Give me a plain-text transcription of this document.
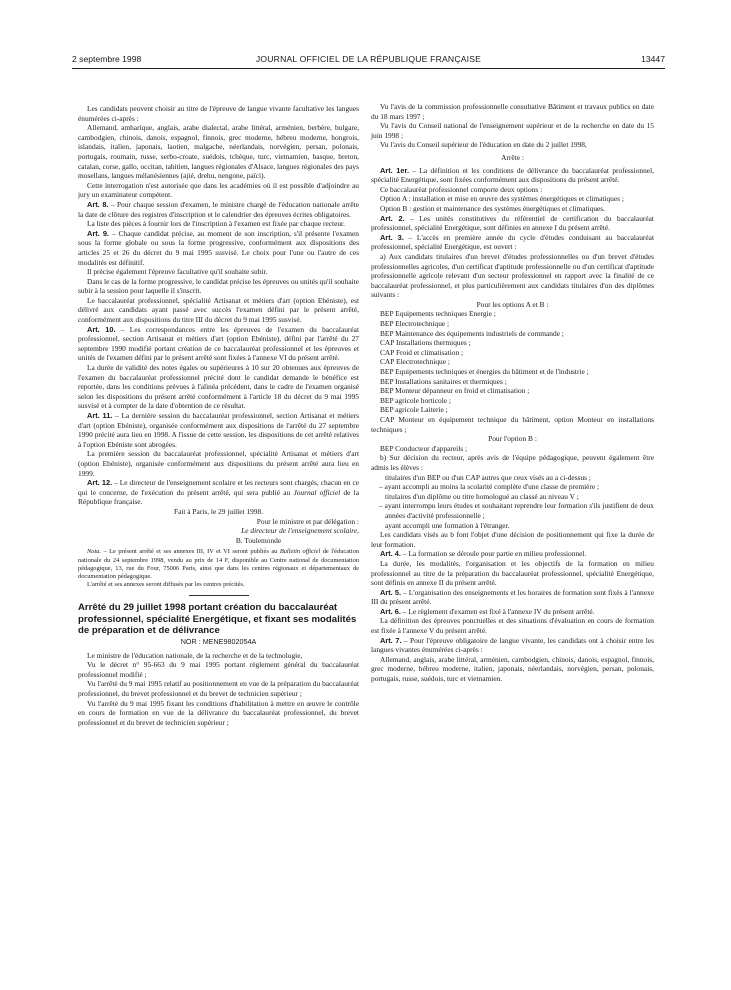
2 septembre 1998	JOURNAL OFFICIEL DE LA RÉPUBLIQUE FRANÇAISE	13447

Les candidats peuvent choisir au titre de l'épreuve de langue vivante facultative les langues énumérées ci-après :

Allemand, amharique, anglais, arabe dialectal, arabe littéral, arménien, berbère, bulgare, cambodgien, chinois, danois, espagnol, finnois, grec moderne, hébreu moderne, hongrois, islandais, italien, japonais, laotien, malgache, néerlandais, norvégien, persan, polonais, portugais, roumain, russe, serbo-croate, suédois, tchèque, turc, vietnamien, basque, breton, catalan, corse, gallo, occitan, tahitien, langues régionales d'Alsace, langues régionales des pays mosellans, langues mélanésiennes (ajié, drehu, nengone, païci).

Cette interrogation n'est autorisée que dans les académies où il est possible d'adjoindre au jury un examinateur compétent.

Art. 8. – Pour chaque session d'examen, le ministre chargé de l'éducation nationale arrête la date de clôture des registres d'inscription et le calendrier des épreuves écrites obligatoires.

La liste des pièces à fournir lors de l'inscription à l'examen est fixée par chaque recteur.

Art. 9. – Chaque candidat précise, au moment de son inscription, s'il présente l'examen sous la forme globale ou sous la forme progressive, conformément aux dispositions des articles 25 et 26 du décret du 9 mai 1995 susvisé. Le choix pour l'une ou l'autre de ces modalités est définitif.

Il précise également l'épreuve facultative qu'il souhaite subir.

Dans le cas de la forme progressive, le candidat précise les épreuves ou unités qu'il souhaite subir à la session pour laquelle il s'inscrit.

Le baccalauréat professionnel, spécialité Artisanat et métiers d'art (option Ebéniste), est délivré aux candidats ayant passé avec succès l'examen défini par le présent arrêté, conformément aux dispositions du titre III du décret du 9 mai 1995 susvisé.

Art. 10. – Les correspondances entre les épreuves de l'examen du baccalauréat professionnel, section Artisanat et métiers d'art (option Ebéniste), défini par l'arrêté du 27 septembre 1990 modifié portant création de ce baccalauréat professionnel et les épreuves et unités de l'examen défini par le présent arrêté sont fixées à l'annexe VI du présent arrêté.

La durée de validité des notes égales ou supérieures à 10 sur 20 obtenues aux épreuves de l'examen du baccalauréat professionnel précité dont le candidat demande le bénéfice est reportée, dans les conditions prévues à l'alinéa précédent, dans le cadre de l'examen organisé selon les dispositions du présent arrêté conformément à l'article 18 du décret du 9 mai 1995 susvisé et à compter de la date d'obtention de ce résultat.

Art. 11. – La dernière session du baccalauréat professionnel, section Artisanat et métiers d'art (option Ebéniste), organisée conformément aux dispositions de l'arrêté du 27 septembre 1990 précité aura lieu en 1998. A l'issue de cette session, les dispositions de cet arrêté relatives à l'option Ebéniste sont abrogées.

La première session du baccalauréat professionnel, spécialité Artisanat et métiers d'art (option Ebéniste), organisée conformément aux dispositions du présent arrêté aura lieu en 1999.

Art. 12. – Le directeur de l'enseignement scolaire et les recteurs sont chargés, chacun en ce qui le concerne, de l'exécution du présent arrêté, qui sera publié au Journal officiel de la République française.

Fait à Paris, le 29 juillet 1998.

Pour le ministre et par délégation :

Le directeur de l'enseignement scolaire,

B. Toulemonde

Nota. – Le présent arrêté et ses annexes III, IV et VI seront publiés au Bulletin officiel de l'éducation nationale du 24 septembre 1998, vendu au prix de 14 F, disponible au Centre national de documentation pédagogique, 13, rue du Four, 75006 Paris, ainsi que dans les centres régionaux et départementaux de documentation pédagogique.

L'arrêté et ses annexes seront diffusés par les centres précités.

Arrêté du 29 juillet 1998 portant création du baccalauréat professionnel, spécialité Energétique, et fixant ses modalités de préparation et de délivrance

NOR : MENE9802054A

Le ministre de l'éducation nationale, de la recherche et de la technologie,

Vu le décret n° 95-663 du 9 mai 1995 portant règlement général du baccalauréat professionnel modifié ;

Vu l'arrêté du 9 mai 1995 relatif au positionnement en vue de la préparation du baccalauréat professionnel, du brevet professionnel et du brevet de technicien supérieur ;

Vu l'arrêté du 9 mai 1995 fixant les conditions d'habilitation à mettre en œuvre le contrôle en cours de formation en vue de la délivrance du baccalauréat professionnel, du brevet professionnel et du brevet de technicien supérieur ;

Vu l'avis de la commission professionnelle consultative Bâtiment et travaux publics en date du 18 mars 1997 ;

Vu l'avis du Conseil national de l'enseignement supérieur et de la recherche en date du 15 juin 1998 ;

Vu l'avis du Conseil supérieur de l'éducation en date du 2 juillet 1998,

Arrête :

Art. 1er. – La définition et les conditions de délivrance du baccalauréat professionnel, spécialité Energétique, sont fixées conformément aux dispositions du présent arrêté.

Ce baccalauréat professionnel comporte deux options :

Option A : installation et mise en œuvre des systèmes énergétiques et climatiques ;

Option B : gestion et maintenance des systèmes énergétiques et climatiques.

Art. 2. – Les unités constitutives du référentiel de certification du baccalauréat professionnel, spécialité Energétique, sont définies en annexe I du présent arrêté.

Art. 3. – L'accès en première année du cycle d'études conduisant au baccalauréat professionnel, spécialité Energétique, est ouvert :

a) Aux candidats titulaires d'un brevet d'études professionnelles ou d'un brevet d'études professionnelles agricoles, d'un certificat d'aptitude professionnelle ou d'un certificat d'aptitude professionnelle agricole relevant d'un secteur professionnel en rapport avec la finalité de ce baccalauréat professionnel, et plus particulièrement aux candidats titulaires d'un des diplômes suivants :

Pour les options A et B :

BEP Equipements techniques Energie ;

BEP Electrotechnique ;

BEP Maintenance des équipements industriels de commande ;

CAP Installations thermiques ;

CAP Froid et climatisation ;

CAP Electrotechnique ;

BEP Equipements techniques et énergies du bâtiment et de l'industrie ;

BEP Installations sanitaires et thermiques ;

BEP Monteur dépanneur en froid et climatisation ;

BEP agricole horticole ;

BEP agricole Laiterie ;

CAP Monteur en équipement technique du bâtiment, option Monteur en installations techniques ;

Pour l'option B :

BEP Conducteur d'appareils ;

b) Sur décision du recteur, après avis de l'équipe pédagogique, peuvent également être admis les élèves :

titulaires d'un BEP ou d'un CAP autres que ceux visés au a ci-dessus ;

– ayant accompli au moins la scolarité complète d'une classe de première ;

titulaires d'un diplôme ou titre homologué au classé au niveau V ;

– ayant interrompu leurs études et souhaitant reprendre leur formation s'ils justifient de deux années d'activité professionnelle ;

ayant accompli une formation à l'étranger.

Les candidats visés au b font l'objet d'une décision de positionnement qui fixe la durée de leur formation.

Art. 4. – La formation se déroule pour partie en milieu professionnel.

La durée, les modalités, l'organisation et les objectifs de la formation en milieu professionnel au titre de la préparation du baccalauréat professionnel, spécialité Energétique, sont définis en annexe II du présent arrêté.

Art. 5. – L'organisation des enseignements et les horaires de formation sont fixés à l'annexe III du présent arrêté.

Art. 6. – Le règlement d'examen est fixé à l'annexe IV du présent arrêté.

La définition des épreuves ponctuelles et des situations d'évaluation en cours de formation est fixée à l'annexe V du présent arrêté.

Art. 7. – Pour l'épreuve obligatoire de langue vivante, les candidats ont à choisir entre les langues vivantes énumérées ci-après :

Allemand, anglais, arabe littéral, arménien, cambodgien, chinois, danois, espagnol, finnois, grec moderne, hébreu moderne, italien, japonais, néerlandais, norvégien, persan, polonais, portugais, russe, suédois, turc et vietnamien.
